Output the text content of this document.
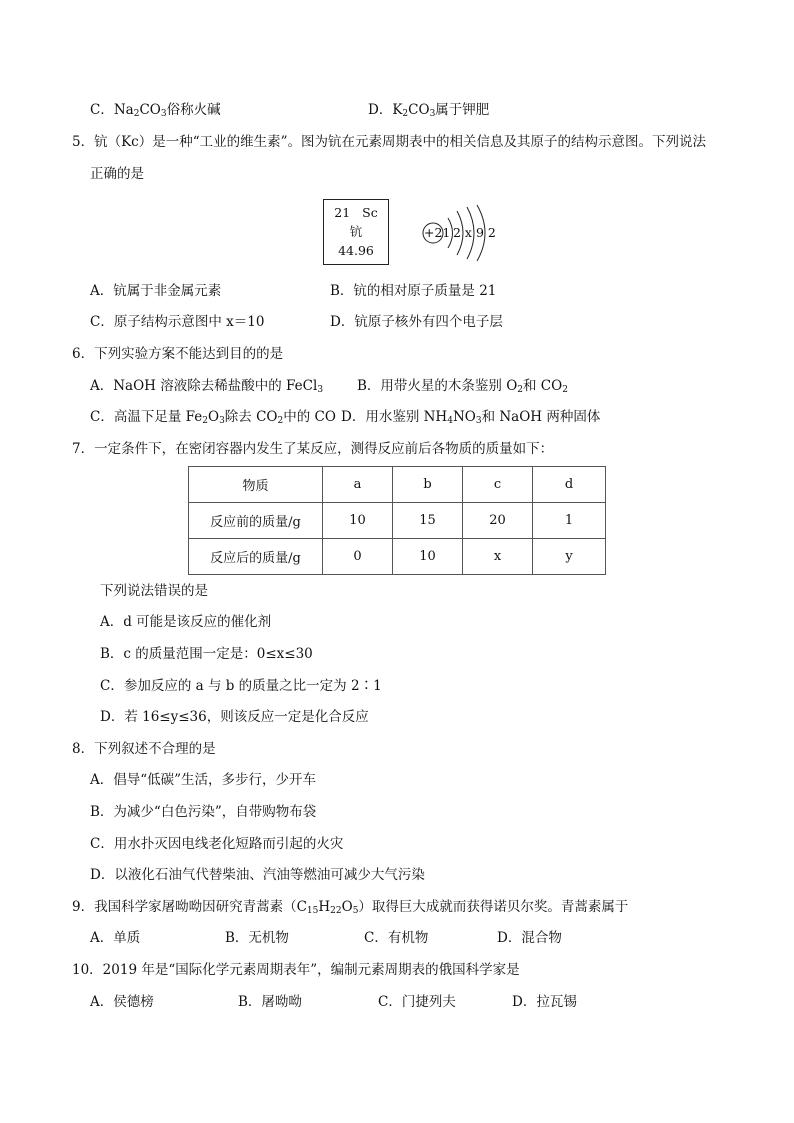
C．$Na_2CO_3$俗称火碱	D．$K_2CO_3$属于钾肥
5．钪（Kc）是一种“工业的维生素”。图为钪在元素周期表中的相关信息及其原子的结构示意图。下列说法
正确的是
21 Sc
钪
44.96
+21 2 x 9 2
A．钪属于非金属元素	B．钪的相对原子质量是 21
C．原子结构示意图中 x＝10	D．钪原子核外有四个电子层
6．下列实验方案不能达到目的的是
A．NaOH 溶液除去稀盐酸中的 FeCl$_3$	B．用带火星的木条鉴别 $O_2$和 $CO_2$
C．高温下足量 $Fe_2O_3$除去 $CO_2$中的 CO D．用水鉴别 $NH_4NO_3$和 NaOH 两种固体
7．一定条件下，在密闭容器内发生了某反应，测得反应前后各物质的质量如下：
物质	a	b	c	d
反应前的质量/g	10	15	20	1
反应后的质量/g	0	10	x	y
下列说法错误的是
A．d 可能是该反应的催化剂
B．c 的质量范围一定是：0≤x≤30
C．参加反应的 a 与 b 的质量之比一定为 2∶1
D．若 16≤y≤36，则该反应一定是化合反应
8．下列叙述不合理的是
A．倡导“低碳”生活，多步行，少开车
B．为减少“白色污染”，自带购物布袋
C．用水扑灭因电线老化短路而引起的火灾
D．以液化石油气代替柴油、汽油等燃油可减少大气污染
9．我国科学家屠呦呦因研究青蒿素$(C_{15}H_{22}O_5)$取得巨大成就而获得诺贝尔奖。青蒿素属于
A．单质	B．无机物	C．有机物	D．混合物
10．2019 年是“国际化学元素周期表年”，编制元素周期表的俄国科学家是
A．侯德榜	B．屠呦呦	C．门捷列夫	D．拉瓦锡
